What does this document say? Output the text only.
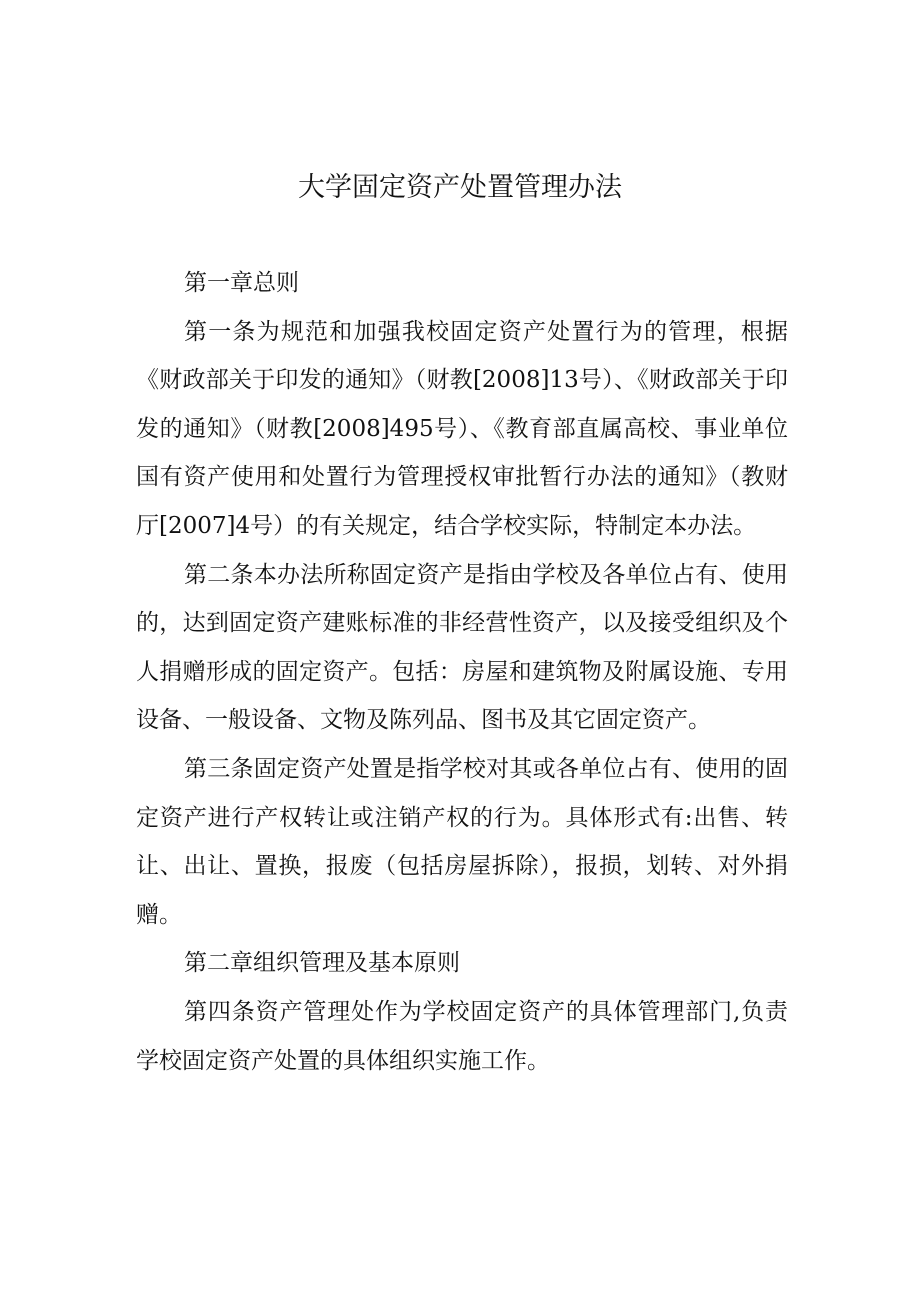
大学固定资产处置管理办法

第一章总则

第一条为规范和加强我校固定资产处置行为的管理，根据《财政部关于印发的通知》（财教[2008]13号）、《财政部关于印发的通知》（财教[2008]495号）、《教育部直属高校、事业单位国有资产使用和处置行为管理授权审批暂行办法的通知》（教财厅[2007]4号）的有关规定，结合学校实际，特制定本办法。

第二条本办法所称固定资产是指由学校及各单位占有、使用的，达到固定资产建账标准的非经营性资产，以及接受组织及个人捐赠形成的固定资产。包括：房屋和建筑物及附属设施、专用设备、一般设备、文物及陈列品、图书及其它固定资产。

第三条固定资产处置是指学校对其或各单位占有、使用的固定资产进行产权转让或注销产权的行为。具体形式有:出售、转让、出让、置换，报废（包括房屋拆除），报损，划转、对外捐赠。

第二章组织管理及基本原则

第四条资产管理处作为学校固定资产的具体管理部门,负责学校固定资产处置的具体组织实施工作。
